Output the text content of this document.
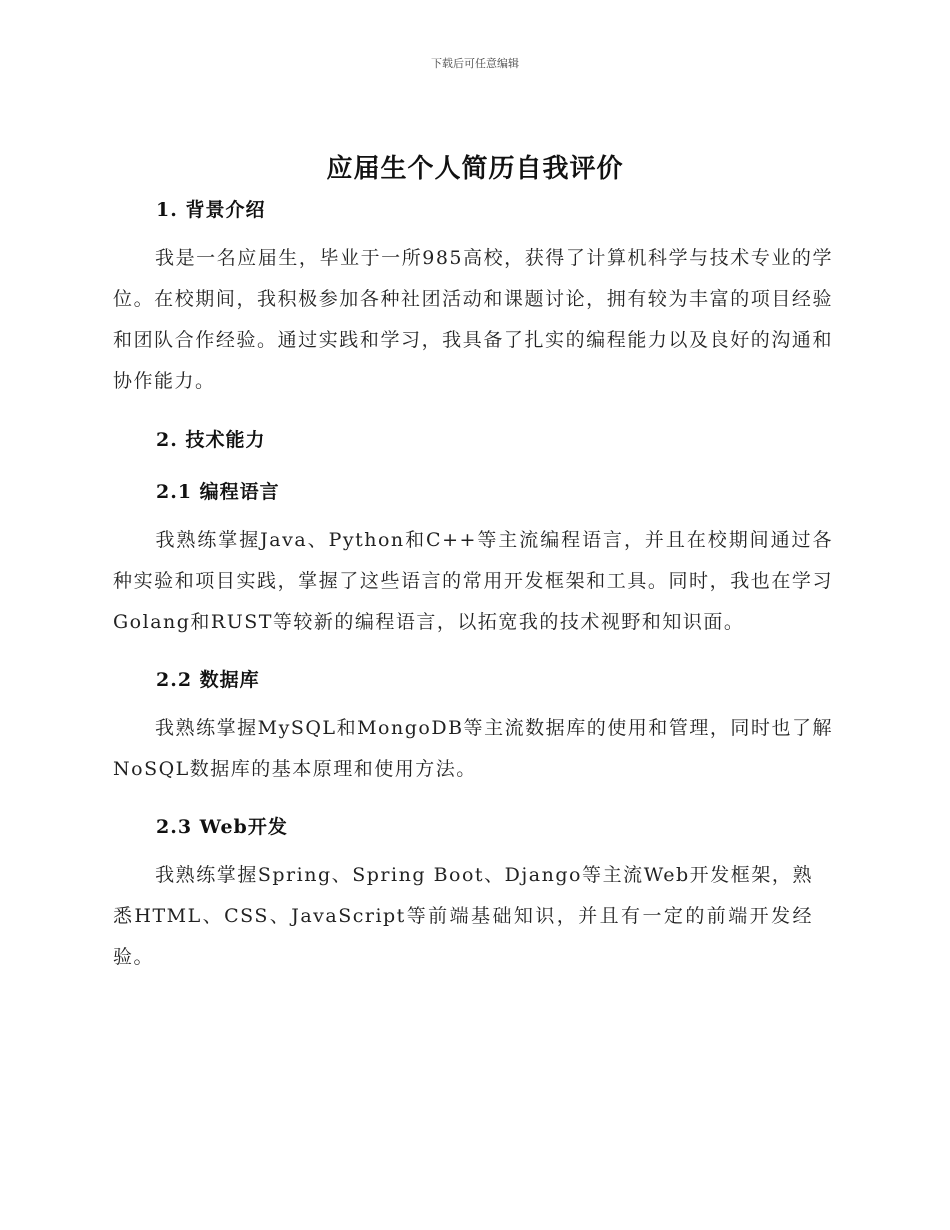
下载后可任意编辑
应届生个人简历自我评价
1. 背景介绍
我是一名应届生，毕业于一所985高校，获得了计算机科学与技术专业的学位。在校期间，我积极参加各种社团活动和课题讨论，拥有较为丰富的项目经验和团队合作经验。通过实践和学习，我具备了扎实的编程能力以及良好的沟通和协作能力。
2. 技术能力
2.1 编程语言
我熟练掌握Java、Python和C++等主流编程语言，并且在校期间通过各种实验和项目实践，掌握了这些语言的常用开发框架和工具。同时，我也在学习Golang和RUST等较新的编程语言，以拓宽我的技术视野和知识面。
2.2 数据库
我熟练掌握MySQL和MongoDB等主流数据库的使用和管理，同时也了解NoSQL数据库的基本原理和使用方法。
2.3 Web开发
我熟练掌握Spring、Spring Boot、Django等主流Web开发框架，熟悉HTML、CSS、JavaScript等前端基础知识，并且有一定的前端开发经验。
